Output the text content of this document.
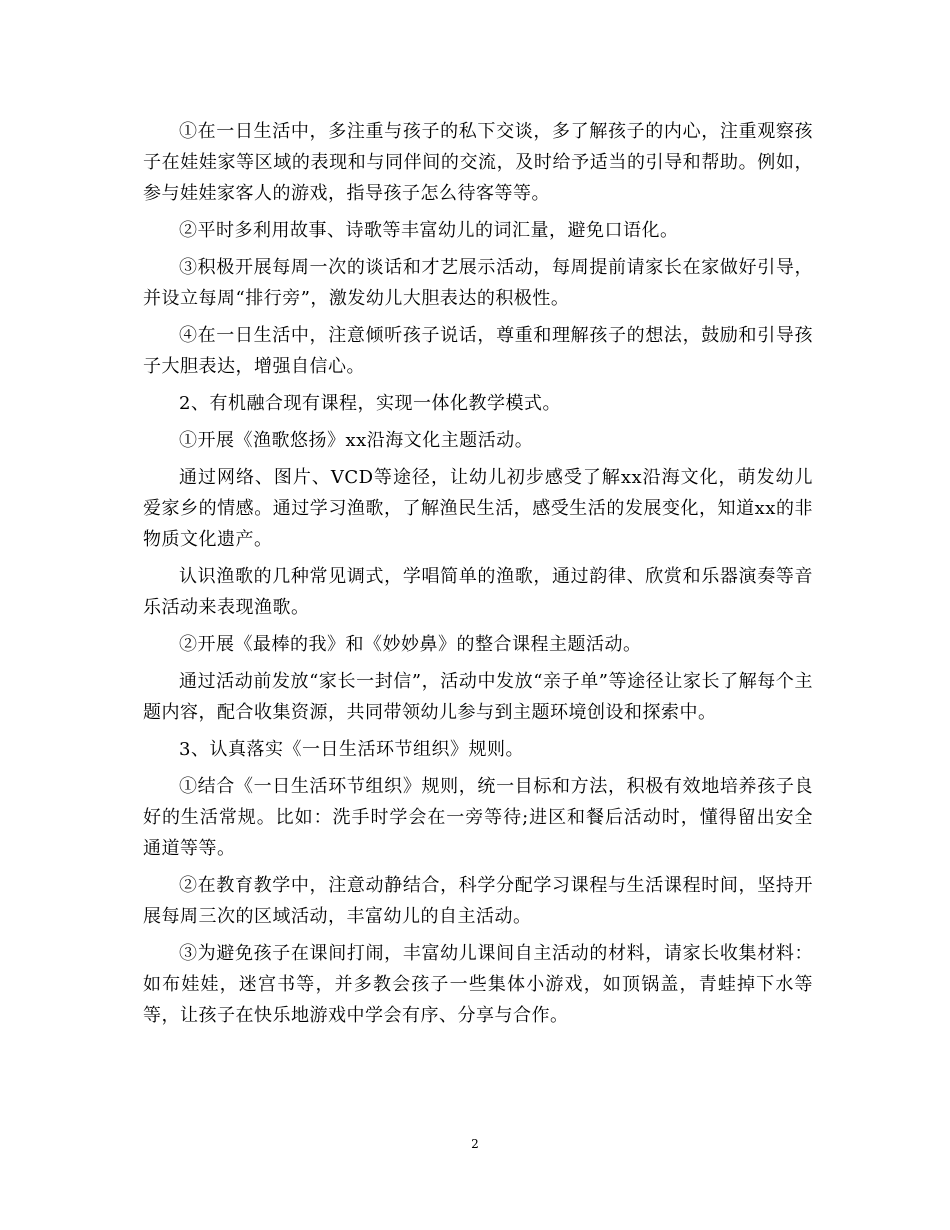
①在一日生活中，多注重与孩子的私下交谈，多了解孩子的内心，注重观察孩子在娃娃家等区域的表现和与同伴间的交流，及时给予适当的引导和帮助。例如，参与娃娃家客人的游戏，指导孩子怎么待客等等。

②平时多利用故事、诗歌等丰富幼儿的词汇量，避免口语化。

③积极开展每周一次的谈话和才艺展示活动，每周提前请家长在家做好引导，并设立每周“排行旁”，激发幼儿大胆表达的积极性。

④在一日生活中，注意倾听孩子说话，尊重和理解孩子的想法，鼓励和引导孩子大胆表达，增强自信心。

2、有机融合现有课程，实现一体化教学模式。

①开展《渔歌悠扬》xx沿海文化主题活动。

通过网络、图片、VCD等途径，让幼儿初步感受了解xx沿海文化，萌发幼儿爱家乡的情感。通过学习渔歌，了解渔民生活，感受生活的发展变化，知道xx的非物质文化遗产。

认识渔歌的几种常见调式，学唱简单的渔歌，通过韵律、欣赏和乐器演奏等音乐活动来表现渔歌。

②开展《最棒的我》和《妙妙鼻》的整合课程主题活动。

通过活动前发放“家长一封信”，活动中发放“亲子单”等途径让家长了解每个主题内容，配合收集资源，共同带领幼儿参与到主题环境创设和探索中。

3、认真落实《一日生活环节组织》规则。

①结合《一日生活环节组织》规则，统一目标和方法，积极有效地培养孩子良好的生活常规。比如：洗手时学会在一旁等待;进区和餐后活动时，懂得留出安全通道等等。

②在教育教学中，注意动静结合，科学分配学习课程与生活课程时间，坚持开展每周三次的区域活动，丰富幼儿的自主活动。

③为避免孩子在课间打闹，丰富幼儿课间自主活动的材料，请家长收集材料：如布娃娃，迷宫书等，并多教会孩子一些集体小游戏，如顶锅盖，青蛙掉下水等等，让孩子在快乐地游戏中学会有序、分享与合作。

2
